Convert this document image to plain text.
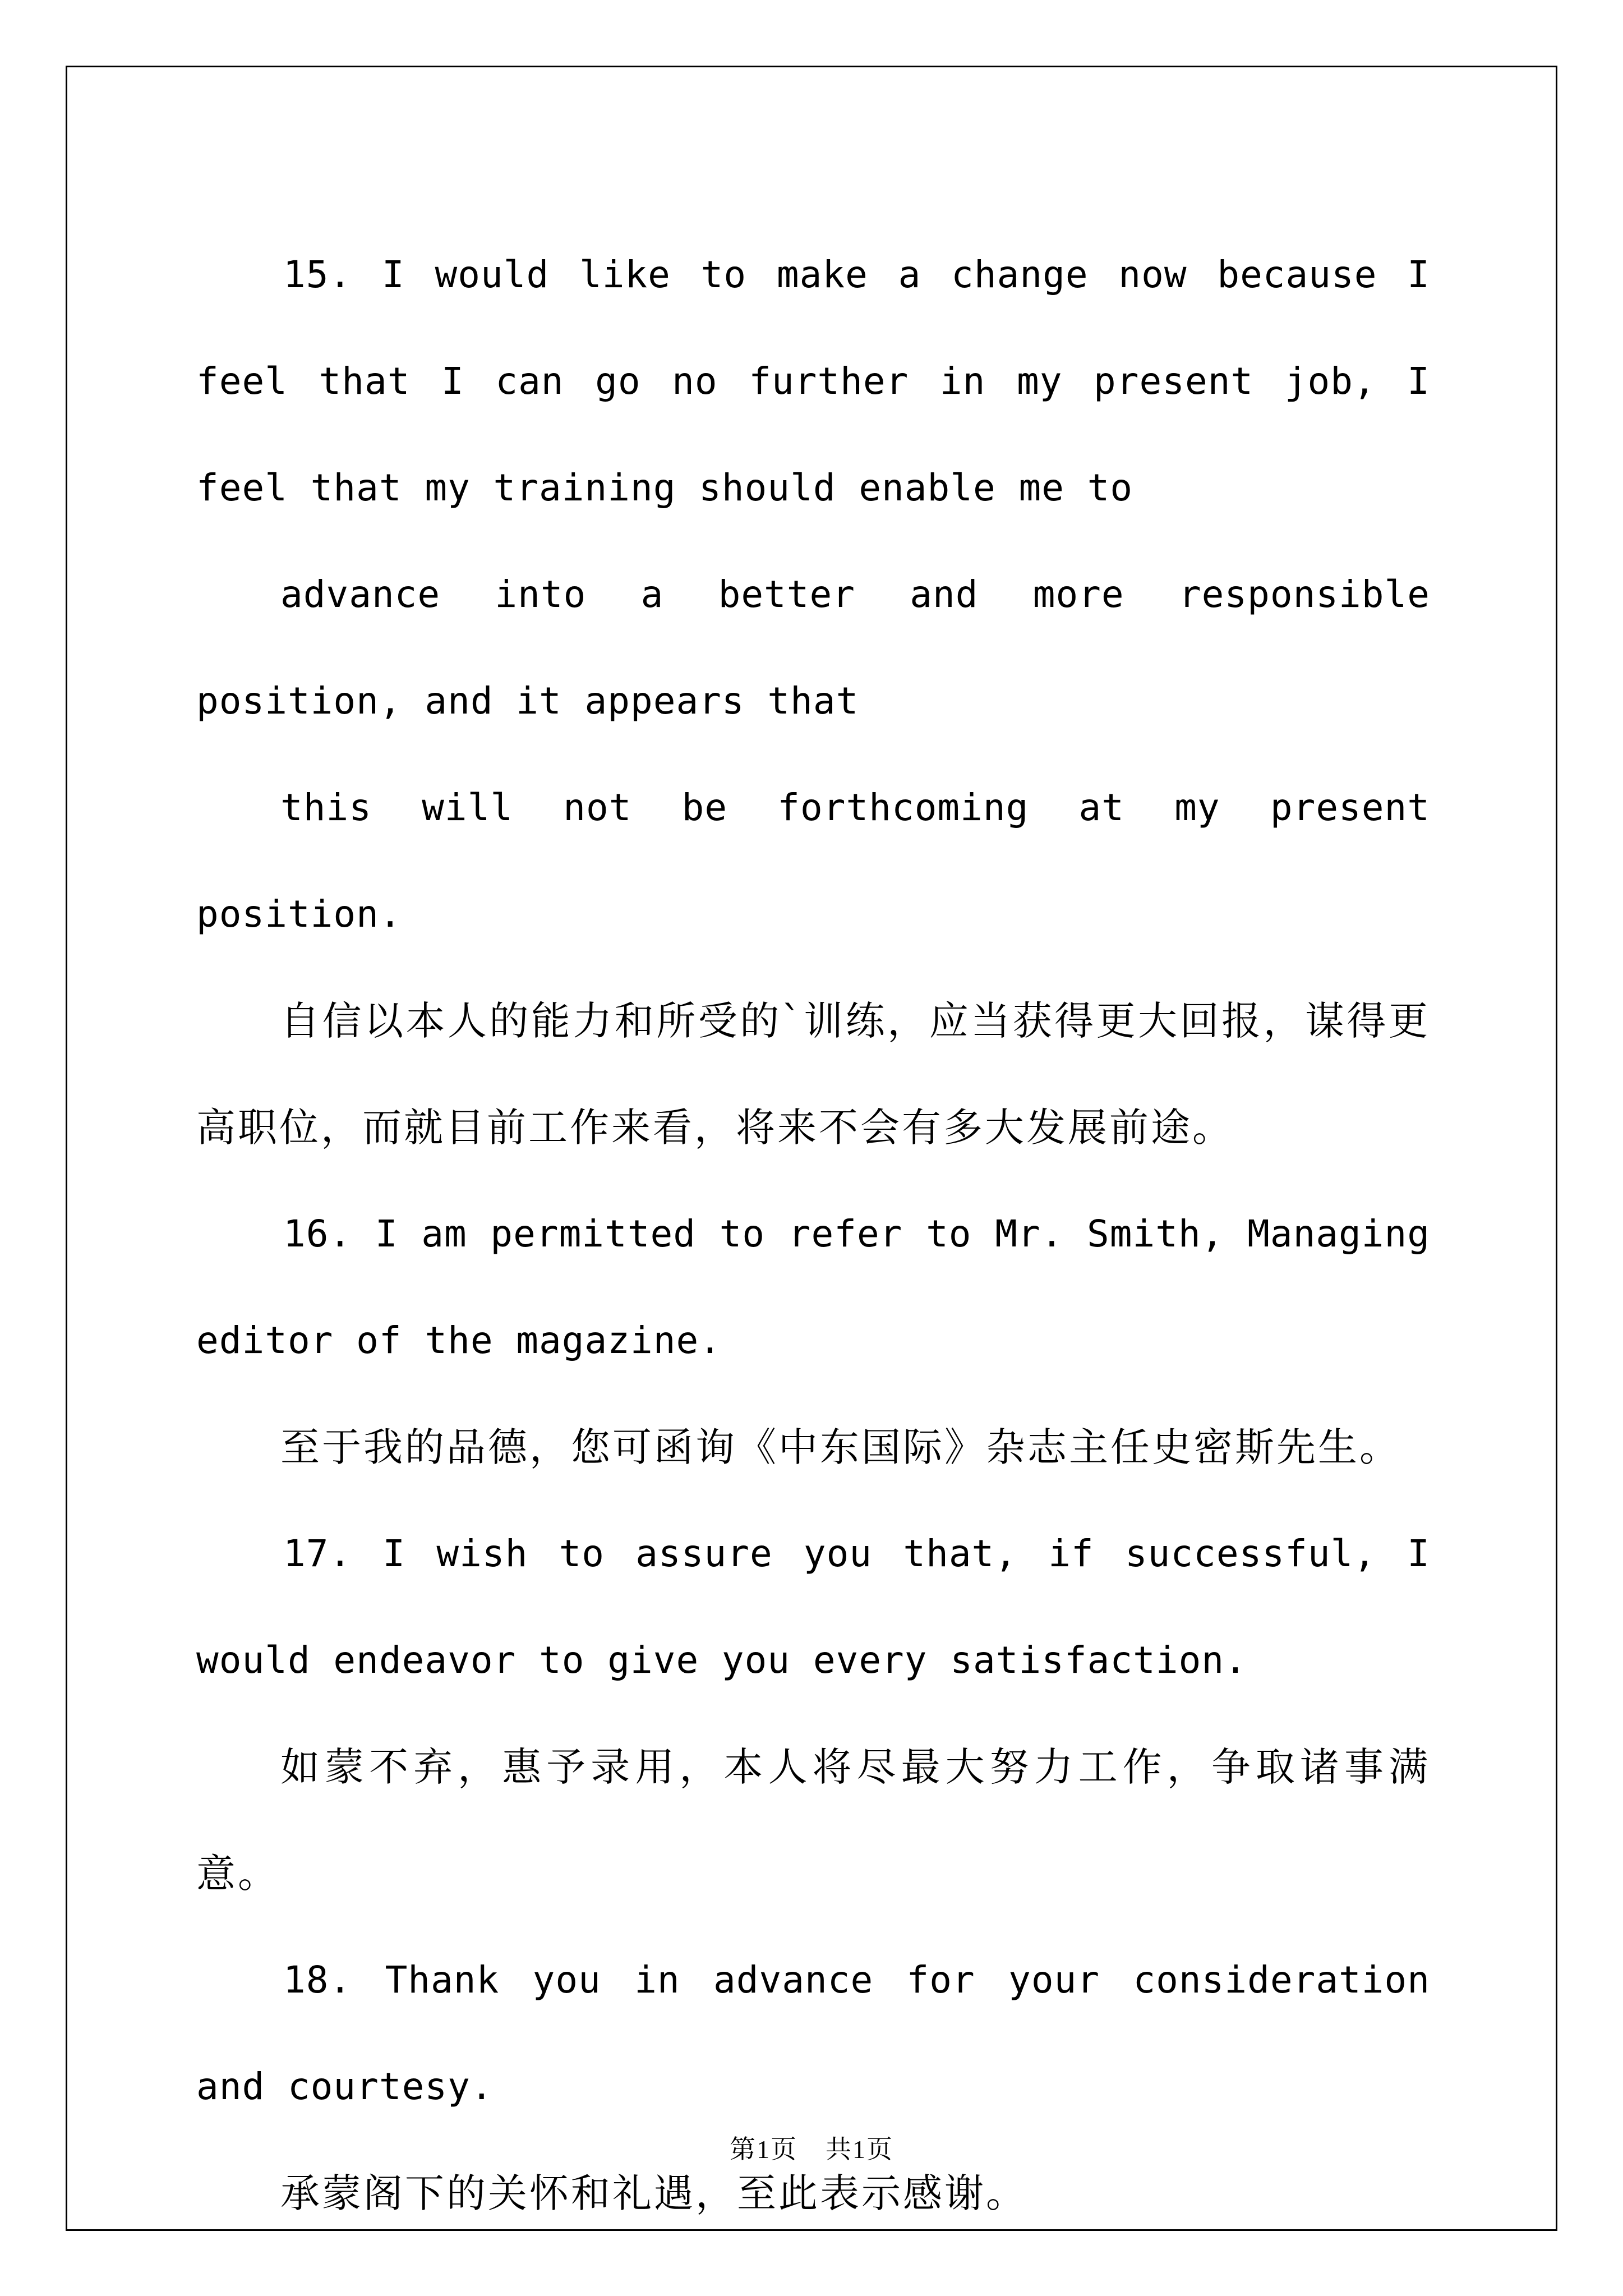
15. I would like to make a change now because I feel that I can go no further in my present job, I feel that my training should enable me to

advance into a better and more responsible position, and it appears that

this will not be forthcoming at my present position.

自信以本人的能力和所受的`训练，应当获得更大回报，谋得更高职位，而就目前工作来看，将来不会有多大发展前途。

16. I am permitted to refer to Mr. Smith, Managing editor of the magazine.

至于我的品德，您可函询《中东国际》杂志主任史密斯先生。

17. I wish to assure you that, if successful, I would endeavor to give you every satisfaction.

如蒙不弃，惠予录用，本人将尽最大努力工作，争取诸事满意。

18. Thank you in advance for your consideration and courtesy.

承蒙阁下的关怀和礼遇，至此表示感谢。

第1页 共1页
